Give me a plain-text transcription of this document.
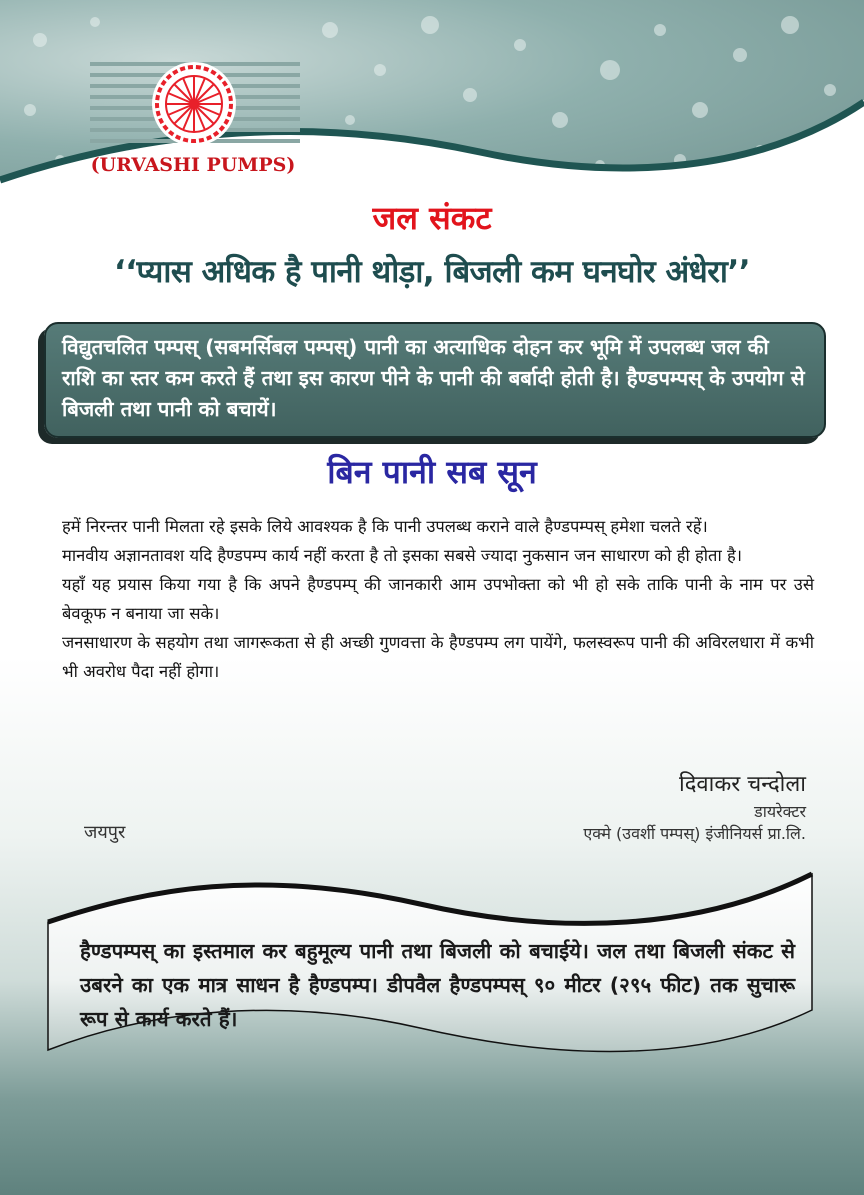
(URVASHI PUMPS)
जल संकट
‘‘प्यास अधिक है पानी थोड़ा, बिजली कम घनघोर अंधेरा’’
विद्युतचलित पम्पस् (सबमर्सिबल पम्पस्) पानी का अत्याधिक दोहन कर भूमि में उपलब्ध जल की राशि का स्तर कम करते हैं तथा इस कारण पीने के पानी की बर्बादी होती है। हैण्डपम्पस् के उपयोग से बिजली तथा पानी को बचायें।
बिन पानी सब सून

हमें निरन्तर पानी मिलता रहे इसके लिये आवश्यक है कि पानी उपलब्ध कराने वाले हैण्डपम्पस् हमेशा चलते रहें।

मानवीय अज्ञानतावश यदि हैण्डपम्प कार्य नहीं करता है तो इसका सबसे ज्यादा नुकसान जन साधारण को ही होता है।

यहाँ यह प्रयास किया गया है कि अपने हैण्डपम्प् की जानकारी आम उपभोक्ता को भी हो सके ताकि पानी के नाम पर उसे बेवकूफ न बनाया जा सके।

जनसाधारण के सहयोग तथा जागरूकता से ही अच्छी गुणवत्ता के हैण्डपम्प लग पायेंगे, फलस्वरूप पानी की अविरलधारा में कभी भी अवरोध पैदा नहीं होगा।

दिवाकर चन्दोला
डायरेक्टर
एक्मे (उवर्शी पम्पस्) इंजीनियर्स प्रा.लि.
जयपुर
हैण्डपम्पस् का इस्तमाल कर बहुमूल्य पानी तथा बिजली को बचाईये। जल तथा बिजली संकट से उबरने का एक मात्र साधन है हैण्डपम्प। डीपवैल हैण्डपम्पस् ९० मीटर (२९५ फीट) तक सुचारू रूप से कार्य करते हैं।
